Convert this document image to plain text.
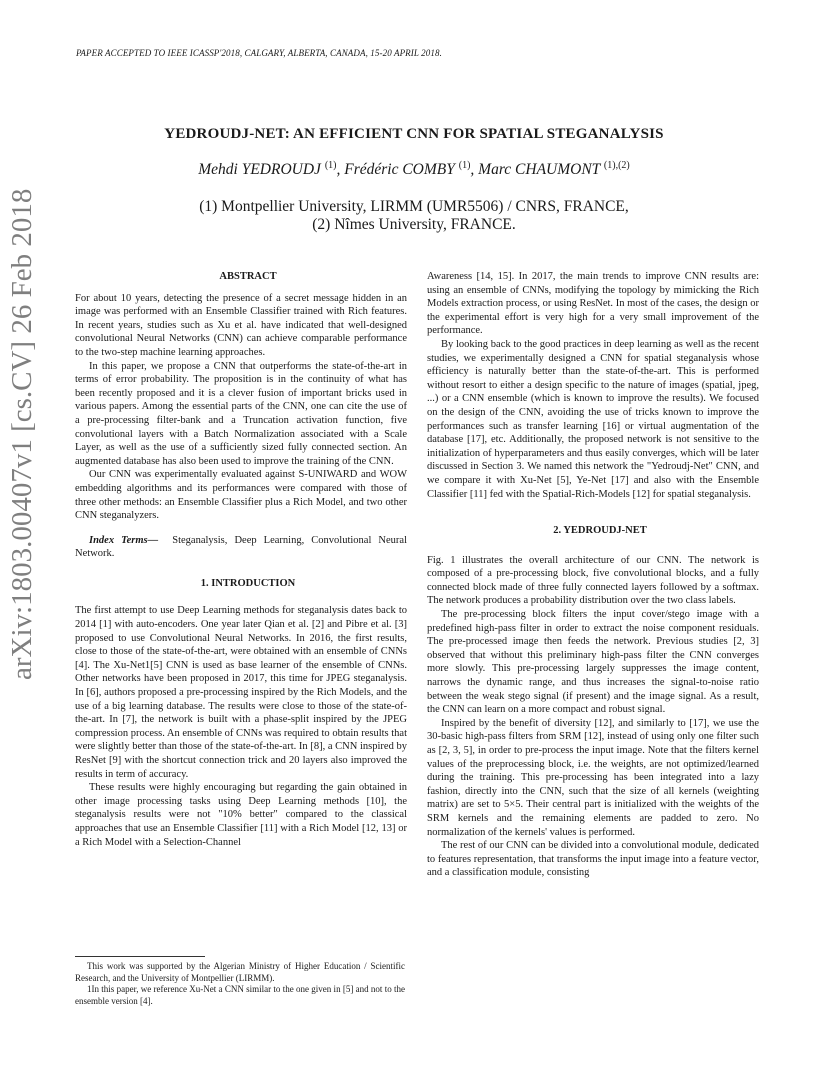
PAPER ACCEPTED TO IEEE ICASSP'2018, CALGARY, ALBERTA, CANADA, 15-20 APRIL 2018.
YEDROUDJ-NET: AN EFFICIENT CNN FOR SPATIAL STEGANALYSIS
Mehdi YEDROUDJ $^{(1)}$, Frédéric COMBY $^{(1)}$, Marc CHAUMONT $^{(1),(2)}$
(1) Montpellier University, LIRMM (UMR5506) / CNRS, FRANCE,
(2) Nîmes University, FRANCE.
arXiv:1803.00407v1 [cs.CV] 26 Feb 2018	ABSTRACT

For about 10 years, detecting the presence of a secret message hidden in an image was performed with an Ensemble Classifier trained with Rich features. In recent years, studies such as Xu et al. have indicated that well-designed convolutional Neural Networks (CNN) can achieve comparable performance to the two-step machine learning approaches.

In this paper, we propose a CNN that outperforms the state-of-the-art in terms of error probability. The proposition is in the continuity of what has been recently proposed and it is a clever fusion of important bricks used in various papers. Among the essential parts of the CNN, one can cite the use of a pre-processing filter-bank and a Truncation activation function, five convolutional layers with a Batch Normalization associated with a Scale Layer, as well as the use of a sufficiently sized fully connected section. An augmented database has also been used to improve the training of the CNN.

Our CNN was experimentally evaluated against S-UNIWARD and WOW embedding algorithms and its performances were compared with those of three other methods: an Ensemble Classifier plus a Rich Model, and two other CNN steganalyzers.

Index Terms— Steganalysis, Deep Learning, Convolutional Neural Network.

1. INTRODUCTION

The first attempt to use Deep Learning methods for steganalysis dates back to 2014 [1] with auto-encoders. One year later Qian et al. [2] and Pibre et al. [3] proposed to use Convolutional Neural Networks. In 2016, the first results, close to those of the state-of-the-art, were obtained with an ensemble of CNNs [4]. The Xu-Net1[5] CNN is used as base learner of the ensemble of CNNs. Other networks have been proposed in 2017, this time for JPEG steganalysis. In [6], authors proposed a pre-processing inspired by the Rich Models, and the use of a big learning database. The results were close to those of the state-of-the-art. In [7], the network is built with a phase-split inspired by the JPEG compression process. An ensemble of CNNs was required to obtain results that were slightly better than those of the state-of-the-art. In [8], a CNN inspired by ResNet [9] with the shortcut connection trick and 20 layers also improved the results in term of accuracy.

These results were highly encouraging but regarding the gain obtained in other image processing tasks using Deep Learning methods [10], the steganalysis results were not "10% better" compared to the classical approaches that use an Ensemble Classifier [11] with a Rich Model [12, 13] or a Rich Model with a Selection-Channel

This work was supported by the Algerian Ministry of Higher Education / Scientific Research, and the University of Montpellier (LIRMM).

1In this paper, we reference Xu-Net a CNN similar to the one given in [5] and not to the ensemble version [4].

Awareness [14, 15]. In 2017, the main trends to improve CNN results are: using an ensemble of CNNs, modifying the topology by mimicking the Rich Models extraction process, or using ResNet. In most of the cases, the design or the experimental effort is very high for a very small improvement of the performance.

By looking back to the good practices in deep learning as well as the recent studies, we experimentally designed a CNN for spatial steganalysis whose efficiency is naturally better than the state-of-the-art. This is performed without resort to either a design specific to the nature of images (spatial, jpeg, ...) or a CNN ensemble (which is known to improve the results). We focused on the design of the CNN, avoiding the use of tricks known to improve the performances such as transfer learning [16] or virtual augmentation of the database [17], etc. Additionally, the proposed network is not sensitive to the initialization of hyperparameters and thus easily converges, which will be later discussed in Section 3. We named this network the "Yedroudj-Net" CNN, and we compare it with Xu-Net [5], Ye-Net [17] and also with the Ensemble Classifier [11] fed with the Spatial-Rich-Models [12] for spatial steganalysis.

2. YEDROUDJ-NET

Fig. 1 illustrates the overall architecture of our CNN. The network is composed of a pre-processing block, five convolutional blocks, and a fully connected block made of three fully connected layers followed by a softmax. The network produces a probability distribution over the two class labels.

The pre-processing block filters the input cover/stego image with a predefined high-pass filter in order to extract the noise component residuals. The pre-processed image then feeds the network. Previous studies [2, 3] observed that without this preliminary high-pass filter the CNN converges more slowly. This pre-processing largely suppresses the image content, narrows the dynamic range, and thus increases the signal-to-noise ratio between the weak stego signal (if present) and the image signal. As a result, the CNN can learn on a more compact and robust signal.

Inspired by the benefit of diversity [12], and similarly to [17], we use the 30-basic high-pass filters from SRM [12], instead of using only one filter such as [2, 3, 5], in order to pre-process the input image. Note that the filters kernel values of the preprocessing block, i.e. the weights, are not optimized/learned during the training. This pre-processing has been integrated into a lazy fashion, directly into the CNN, such that the size of all kernels (weighting matrix) are set to 5×5. Their central part is initialized with the weights of the SRM kernels and the remaining elements are padded to zero. No normalization of the kernels' values is performed.

The rest of our CNN can be divided into a convolutional module, dedicated to features representation, that transforms the input image into a feature vector, and a classification module, consisting
